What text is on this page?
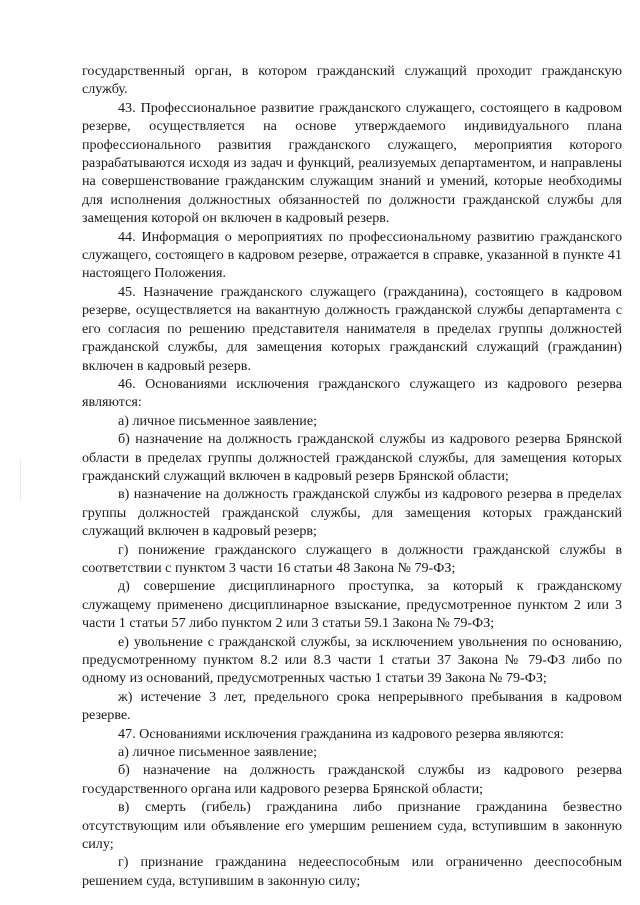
государственный орган, в котором гражданский служащий проходит гражданскую службу.

43. Профессиональное развитие гражданского служащего, состоящего в кадровом резерве, осуществляется на основе утверждаемого индивидуального плана профессионального развития гражданского служащего, мероприятия которого разрабатываются исходя из задач и функций, реализуемых департаментом, и направлены на совершенствование гражданским служащим знаний и умений, которые необходимы для исполнения должностных обязанностей по должности гражданской службы для замещения которой он включен в кадровый резерв.

44. Информация о мероприятиях по профессиональному развитию гражданского служащего, состоящего в кадровом резерве, отражается в справке, указанной в пункте 41 настоящего Положения.

45. Назначение гражданского служащего (гражданина), состоящего в кадровом резерве, осуществляется на вакантную должность гражданской службы департамента с его согласия по решению представителя нанимателя в пределах группы должностей гражданской службы, для замещения которых гражданский служащий (гражданин) включен в кадровый резерв.

46. Основаниями исключения гражданского служащего из кадрового резерва являются:

а) личное письменное заявление;

б) назначение на должность гражданской службы из кадрового резерва Брянской области в пределах группы должностей гражданской службы, для замещения которых гражданский служащий включен в кадровый резерв Брянской области;

в) назначение на должность гражданской службы из кадрового резерва в пределах группы должностей гражданской службы, для замещения которых гражданский служащий включен в кадровый резерв;

г) понижение гражданского служащего в должности гражданской службы в соответствии с пунктом 3 части 16 статьи 48 Закона № 79-ФЗ;

д) совершение дисциплинарного проступка, за который к гражданскому служащему применено дисциплинарное взыскание, предусмотренное пунктом 2 или 3 части 1 статьи 57 либо пунктом 2 или 3 статьи 59.1 Закона № 79-ФЗ;

е) увольнение с гражданской службы, за исключением увольнения по основанию, предусмотренному пунктом 8.2 или 8.3 части 1 статьи 37 Закона № 79-ФЗ либо по одному из оснований, предусмотренных частью 1 статьи 39 Закона № 79-ФЗ;

ж) истечение 3 лет, предельного срока непрерывного пребывания в кадровом резерве.

47. Основаниями исключения гражданина из кадрового резерва являются:

а) личное письменное заявление;

б) назначение на должность гражданской службы из кадрового резерва государственного органа или кадрового резерва Брянской области;

в) смерть (гибель) гражданина либо признание гражданина безвестно отсутствующим или объявление его умершим решением суда, вступившим в законную силу;

г) признание гражданина недееспособным или ограниченно дееспособным решением суда, вступившим в законную силу;
